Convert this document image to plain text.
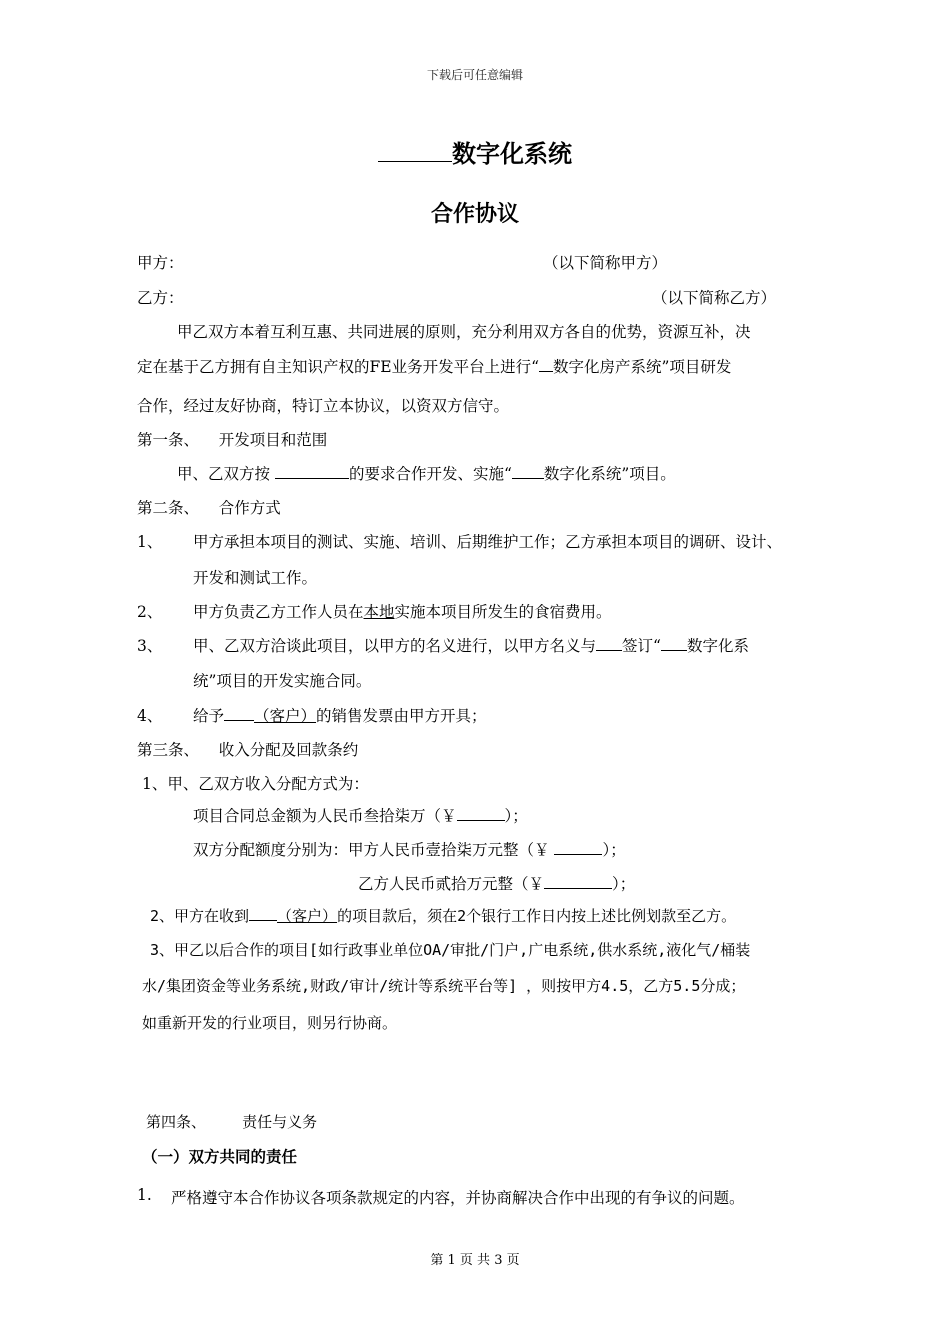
下载后可任意编辑
数字化系统
合作协议
甲方：	（以下简称甲方）
乙方：	（以下简称乙方）
甲乙双方本着互利互惠、共同进展的原则，充分利用双方各自的优势，资源互补，决
定在基于乙方拥有自主知识产权的FE业务开发平台上进行“ 数字化房产系统”项目研发
合作，经过友好协商，特订立本协议，以资双方信守。
第一条、    开发项目和范围
甲、乙双方按	的要求合作开发、实施“ 数字化系统”项目。
第二条、    合作方式
1、 甲方承担本项目的测试、实施、培训、后期维护工作；乙方承担本项目的调研、设计、
开发和测试工作。
2、 甲方负责乙方工作人员在本地实施本项目所发生的食宿费用。
3、 甲、乙双方洽谈此项目，以甲方的名义进行，以甲方名义与 签订“ 数字化系
统”项目的开发实施合同。
4、 给予 （客户）的销售发票由甲方开具；
第三条、    收入分配及回款条约
1、甲、乙双方收入分配方式为：
项目合同总金额为人民币叁拾柒万（￥	）；
双方分配额度分别为：甲方人民币壹拾柒万元整（￥	）；
乙方人民币贰拾万元整（￥	）；
2、甲方在收到 （客户）的项目款后，须在2个银行工作日内按上述比例划款至乙方。
3、甲乙以后合作的项目[如行政事业单位OA/审批/门户,广电系统,供水系统,液化气/桶装
水/集团资金等业务系统,财政/审计/统计等系统平台等] ，则按甲方4.5，乙方5.5分成；
如重新开发的行业项目，则另行协商。
第四条、    责任与义务
（一）双方共同的责任
1. 严格遵守本合作协议各项条款规定的内容，并协商解决合作中出现的有争议的问题。
第 1 页 共 3 页
